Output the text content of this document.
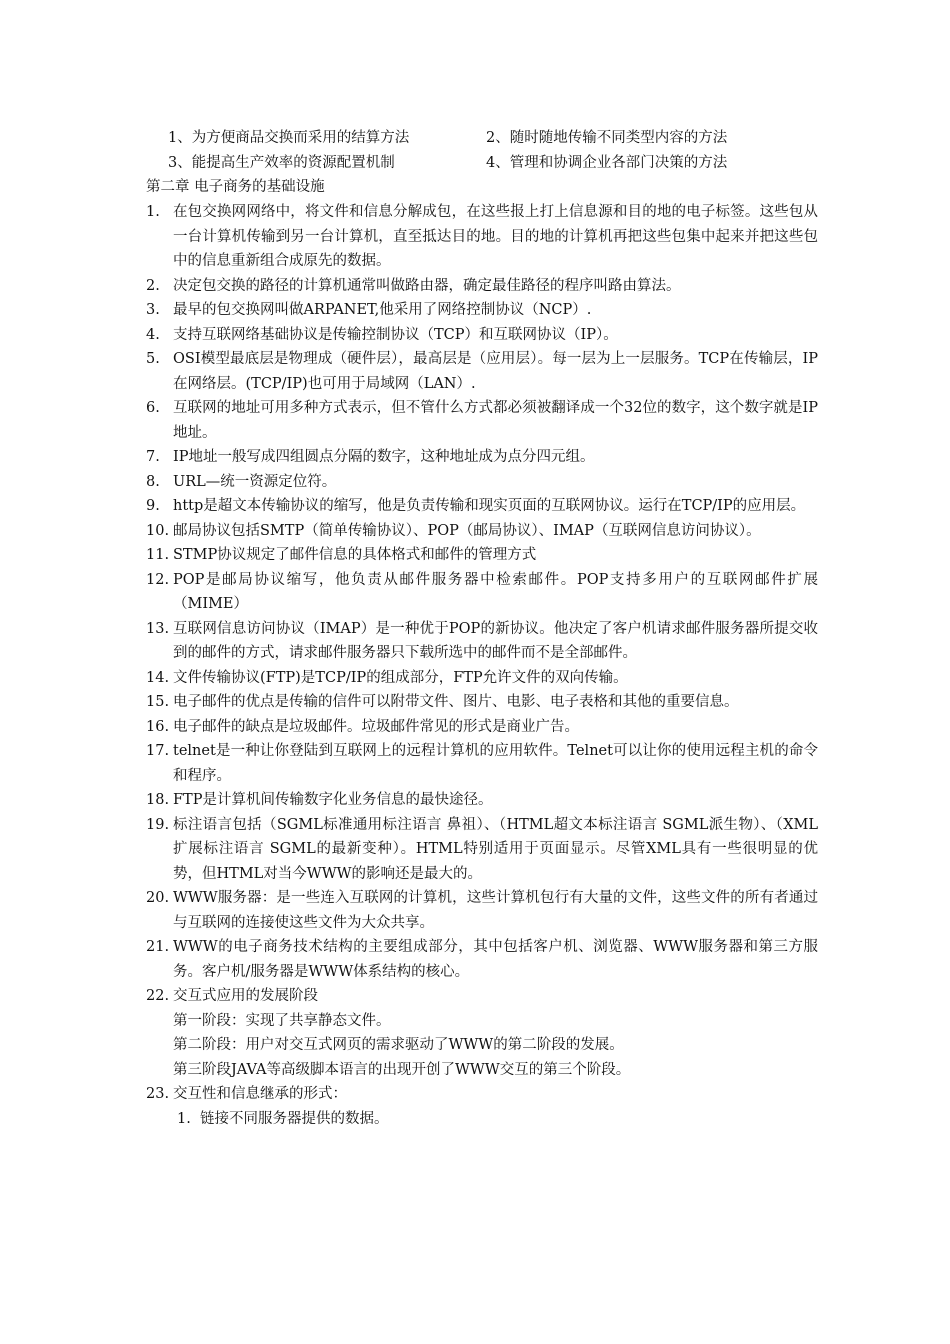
1、为方便商品交换而采用的结算方法	2、随时随地传输不同类型内容的方法
3、能提高生产效率的资源配置机制	4、管理和协调企业各部门决策的方法
第二章 电子商务的基础设施
1. 在包交换网网络中，将文件和信息分解成包，在这些报上打上信息源和目的地的电子标签。这些包从一台计算机传输到另一台计算机，直至抵达目的地。目的地的计算机再把这些包集中起来并把这些包中的信息重新组合成原先的数据。
2. 决定包交换的路径的计算机通常叫做路由器，确定最佳路径的程序叫路由算法。
3. 最早的包交换网叫做ARPANET,他采用了网络控制协议（NCP）.
4. 支持互联网络基础协议是传输控制协议（TCP）和互联网协议（IP）。
5. OSI模型最底层是物理成（硬件层），最高层是（应用层）。每一层为上一层服务。TCP在传输层，IP在网络层。(TCP/IP)也可用于局域网（LAN）.
6. 互联网的地址可用多种方式表示，但不管什么方式都必须被翻译成一个32位的数字，这个数字就是IP地址。
7. IP地址一般写成四组圆点分隔的数字，这种地址成为点分四元组。
8. URL—统一资源定位符。
9. http是超文本传输协议的缩写，他是负责传输和现实页面的互联网协议。运行在TCP/IP的应用层。
10. 邮局协议包括SMTP（简单传输协议）、POP（邮局协议）、IMAP（互联网信息访问协议）。
11. STMP协议规定了邮件信息的具体格式和邮件的管理方式
12. POP是邮局协议缩写，他负责从邮件服务器中检索邮件。POP支持多用户的互联网邮件扩展（MIME）
13. 互联网信息访问协议（IMAP）是一种优于POP的新协议。他决定了客户机请求邮件服务器所提交收到的邮件的方式，请求邮件服务器只下载所选中的邮件而不是全部邮件。
14. 文件传输协议(FTP)是TCP/IP的组成部分，FTP允许文件的双向传输。
15. 电子邮件的优点是传输的信件可以附带文件、图片、电影、电子表格和其他的重要信息。
16. 电子邮件的缺点是垃圾邮件。垃圾邮件常见的形式是商业广告。
17. telnet是一种让你登陆到互联网上的远程计算机的应用软件。Telnet可以让你的使用远程主机的命令和程序。
18. FTP是计算机间传输数字化业务信息的最快途径。
19. 标注语言包括（SGML标准通用标注语言 鼻祖）、（HTML超文本标注语言 SGML派生物）、（XML 扩展标注语言 SGML的最新变种）。HTML特别适用于页面显示。尽管XML具有一些很明显的优势，但HTML对当今WWW的影响还是最大的。
20. WWW服务器：是一些连入互联网的计算机，这些计算机包行有大量的文件，这些文件的所有者通过与互联网的连接使这些文件为大众共享。
21. WWW的电子商务技术结构的主要组成部分，其中包括客户机、浏览器、WWW服务器和第三方服务。客户机/服务器是WWW体系结构的核心。
22. 交互式应用的发展阶段
第一阶段：实现了共享静态文件。
第二阶段：用户对交互式网页的需求驱动了WWW的第二阶段的发展。
第三阶段JAVA等高级脚本语言的出现开创了WWW交互的第三个阶段。
23. 交互性和信息继承的形式：
1. 链接不同服务器提供的数据。
